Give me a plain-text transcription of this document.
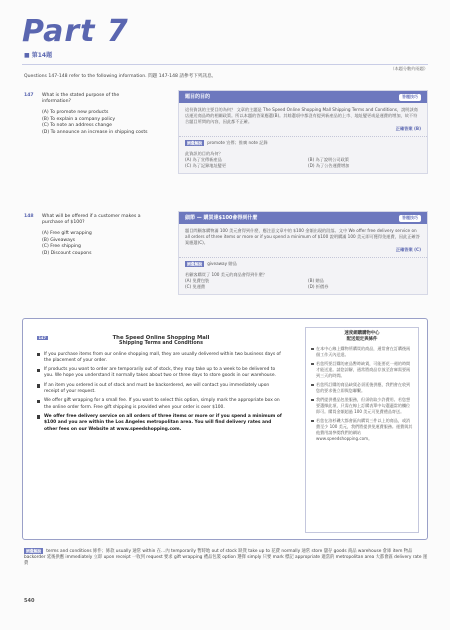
Part 7
■ 第14題
（本題分數約兩題）
Questions 147-148 refer to the following information. 問題 147-148 請參考下列訊息。
147 What is the stated purpose of the information?
(A) To promote new products
(B) To explain a company policy
(C) To note an address change
(D) To announce an increase in shipping costs
題目的目的	答題技巧
這份資訊的主要目的為何？ 文章的主題是 The Speed Online Shopping Mall Shipping Terms and Conditions，說明該商店運送商品時的相關政策。所以本題的答案應選(B)。其餘選項中都沒有提到新產品的上市、地址變更或是運費的增加，故不符合題目所問的內容，因此都不正確。
正確答案 (B)
詞彙解說 promote 宣傳；推廣 note 記錄
此資訊的目的為何？
(A) 為了宣傳新產品	(B) 為了說明公司政策
(C) 為了記錄地址變更	(D) 為了公告運費增加
148 What will be offered if a customer makes a purchase of $100?
(A) Free gift wrapping
(B) Giveaways
(C) Free shipping
(D) Discount coupons
細節 — 購買達$100會得到什麼	答題技巧
題目問顧客購物滿 100 美元會得到什麼，應注意文章中的 $100 金額出現的段落。文中 We offer free delivery service on all orders of three items or more or if you spend a minimum of $100 說明購滿 100 美元即可獲得免運費，因此正確答案應選(C)。
正確答案 (C)
詞彙解說 giveaway 贈品
若顧客購買了 100 美元的商品會得到什麼？
(A) 免費包裝	(B) 贈品
(C) 免運費	(D) 折價券
147	The Speed Online Shopping Mall
Shipping Terms and Conditions
If you purchase items from our online shopping mall, they are usually delivered within two business days of the placement of your order.
If products you want to order are temporarily out of stock, they may take up to a week to be delivered to you. We hope you understand it normally takes about two or three days to store goods in our warehouse.
If an item you ordered is out of stock and must be backordered, we will contact you immediately upon receipt of your request.
We offer gift wrapping for a small fee. If you want to select this option, simply mark the appropriate box on the online order form. Free gift shipping is provided when your order is over $100.
We offer free delivery service on all orders of three items or more or if you spend a minimum of $100 and you are within the Los Angeles metropolitan area. You will find delivery rates and other fees on our Website at www.speedshopping.com.
速度網購購物中心
配送規定與條件
在本中心線上購物所購買的商品，通常會在訂購後兩個工作天內送達。
若您所要訂購的產品暫時缺貨，可能要花一週的時間才能送達。請您諒解，通常將商品存放至倉庫需要兩到三天的時間。
若您所訂購的商品缺貨必須延後供應，我們會在收到您的要求後立即與您聯繫。
我們提供禮品包裝服務，但須收取少許費用。若您想要選擇此項，只需在線上訂購表單中勾選適當的欄位即可。購買金額超過 100 美元可免費禮品寄送。
若您在洛杉磯大都會區內購買三件以上的商品，或消費至少 100 美元，我們將提供免運費服務。運費與其他費用請參閱我們的網站 www.speedshopping.com。
詞彙解說 terms and conditions 條件；條款 usually 通常 within 在…內 temporarily 暫時地 out of stock 缺貨 take up to 花費 normally 通常 store 儲存 goods 商品 warehouse 倉庫 item 物品 backorder 延後供應 immediately 立即 upon receipt 一收到 request 要求 gift wrapping 禮品包裝 option 選擇 simply 只要 mark 標記 appropriate 適當的 metropolitan area 大都會區 delivery rate 運費
540
